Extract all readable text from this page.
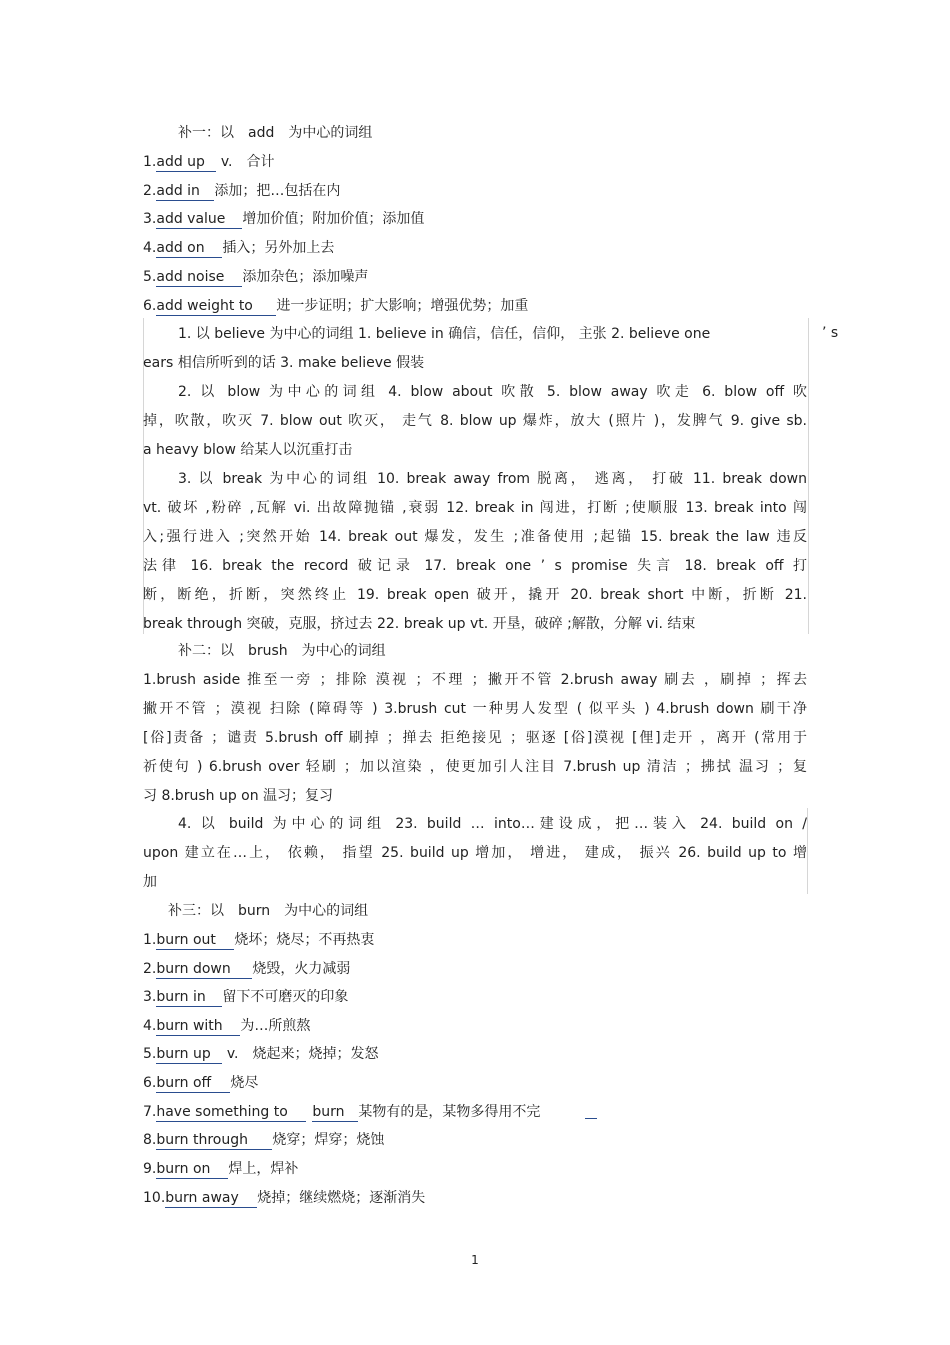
补一：以　add　为中心的词组
1.add up v.　合计
2.add in 添加；把…包括在内
3.add value 增加价值；附加价值；添加值
4.add on 插入；另外加上去
5.add noise 添加杂色；添加噪声
6.add weight to 进一步证明；扩大影响；增强优势；加重
1. 以 believe 为中心的词组 1. believe in 确信，信任，信仰， 主张 2. believe one
ears 相信所听到的话 3. make believe 假装
’ s
2. 以 blow 为中心的词组 4. blow about 吹散 5. blow away 吹走 6. blow off 吹
掉，吹散，吹灭 7. blow out 吹灭， 走气 8. blow up 爆炸，放大 (照片 )，发脾气 9. give sb.
a heavy blow 给某人以沉重打击
3. 以 break 为中心的词组 10. break away from 脱离， 逃离， 打破 11. break down
vt. 破坏 ,粉碎 ,瓦解 vi. 出故障抛锚 ,衰弱 12. break in 闯进，打断 ;使顺服 13. break into 闯
入;强行进入 ;突然开始 14. break out 爆发，发生 ;准备使用 ;起锚 15. break the law 违反
法律 16. break the record 破记录 17. break one ’ s promise 失言 18. break off 打
断，断绝，折断，突然终止 19. break open 破开，撬开 20. break short 中断，折断 21.
break through 突破，克服，挤过去 22. break up vt. 开垦，破碎 ;解散，分解 vi. 结束
补二：以　brush　为中心的词组
1.brush aside 推至一旁 ；排除 漠视 ；不理 ；撇开不管 2.brush away 刷去 ，刷掉 ；挥去
撇开不管 ；漠视 扫除 (障碍等 ) 3.brush cut 一种男人发型 ( 似平头 ) 4.brush down 刷干净
[俗]责备 ；谴责 5.brush off 刷掉 ；掸去 拒绝接见 ；驱逐 [俗]漠视 [俚]走开 ，离开 (常用于
祈使句 ) 6.brush over 轻刷 ；加以渲染 ，使更加引人注目 7.brush up 清洁 ；拂拭 温习 ；复
习 8.brush up on 温习；复习
4. 以 build 为中心的词组 23. build … into…建设成，把…装入 24. build on /
upon 建立在…上， 依赖， 指望 25. build up 增加， 增进， 建成， 振兴 26. build up to 增
加
补三：以　burn　为中心的词组
1.burn out 烧坏；烧尽；不再热衷
2.burn down 烧毁，火力减弱
3.burn in 留下不可磨灭的印象
4.burn with 为…所煎熬
5.burn up v.　烧起来；烧掉；发怒
6.burn off 烧尽
7.have something to burn 某物有的是，某物多得用不完
8.burn through 烧穿；焊穿；烧蚀
9.burn on 焊上，焊补
10.burn away 烧掉；继续燃烧；逐渐消失
1
